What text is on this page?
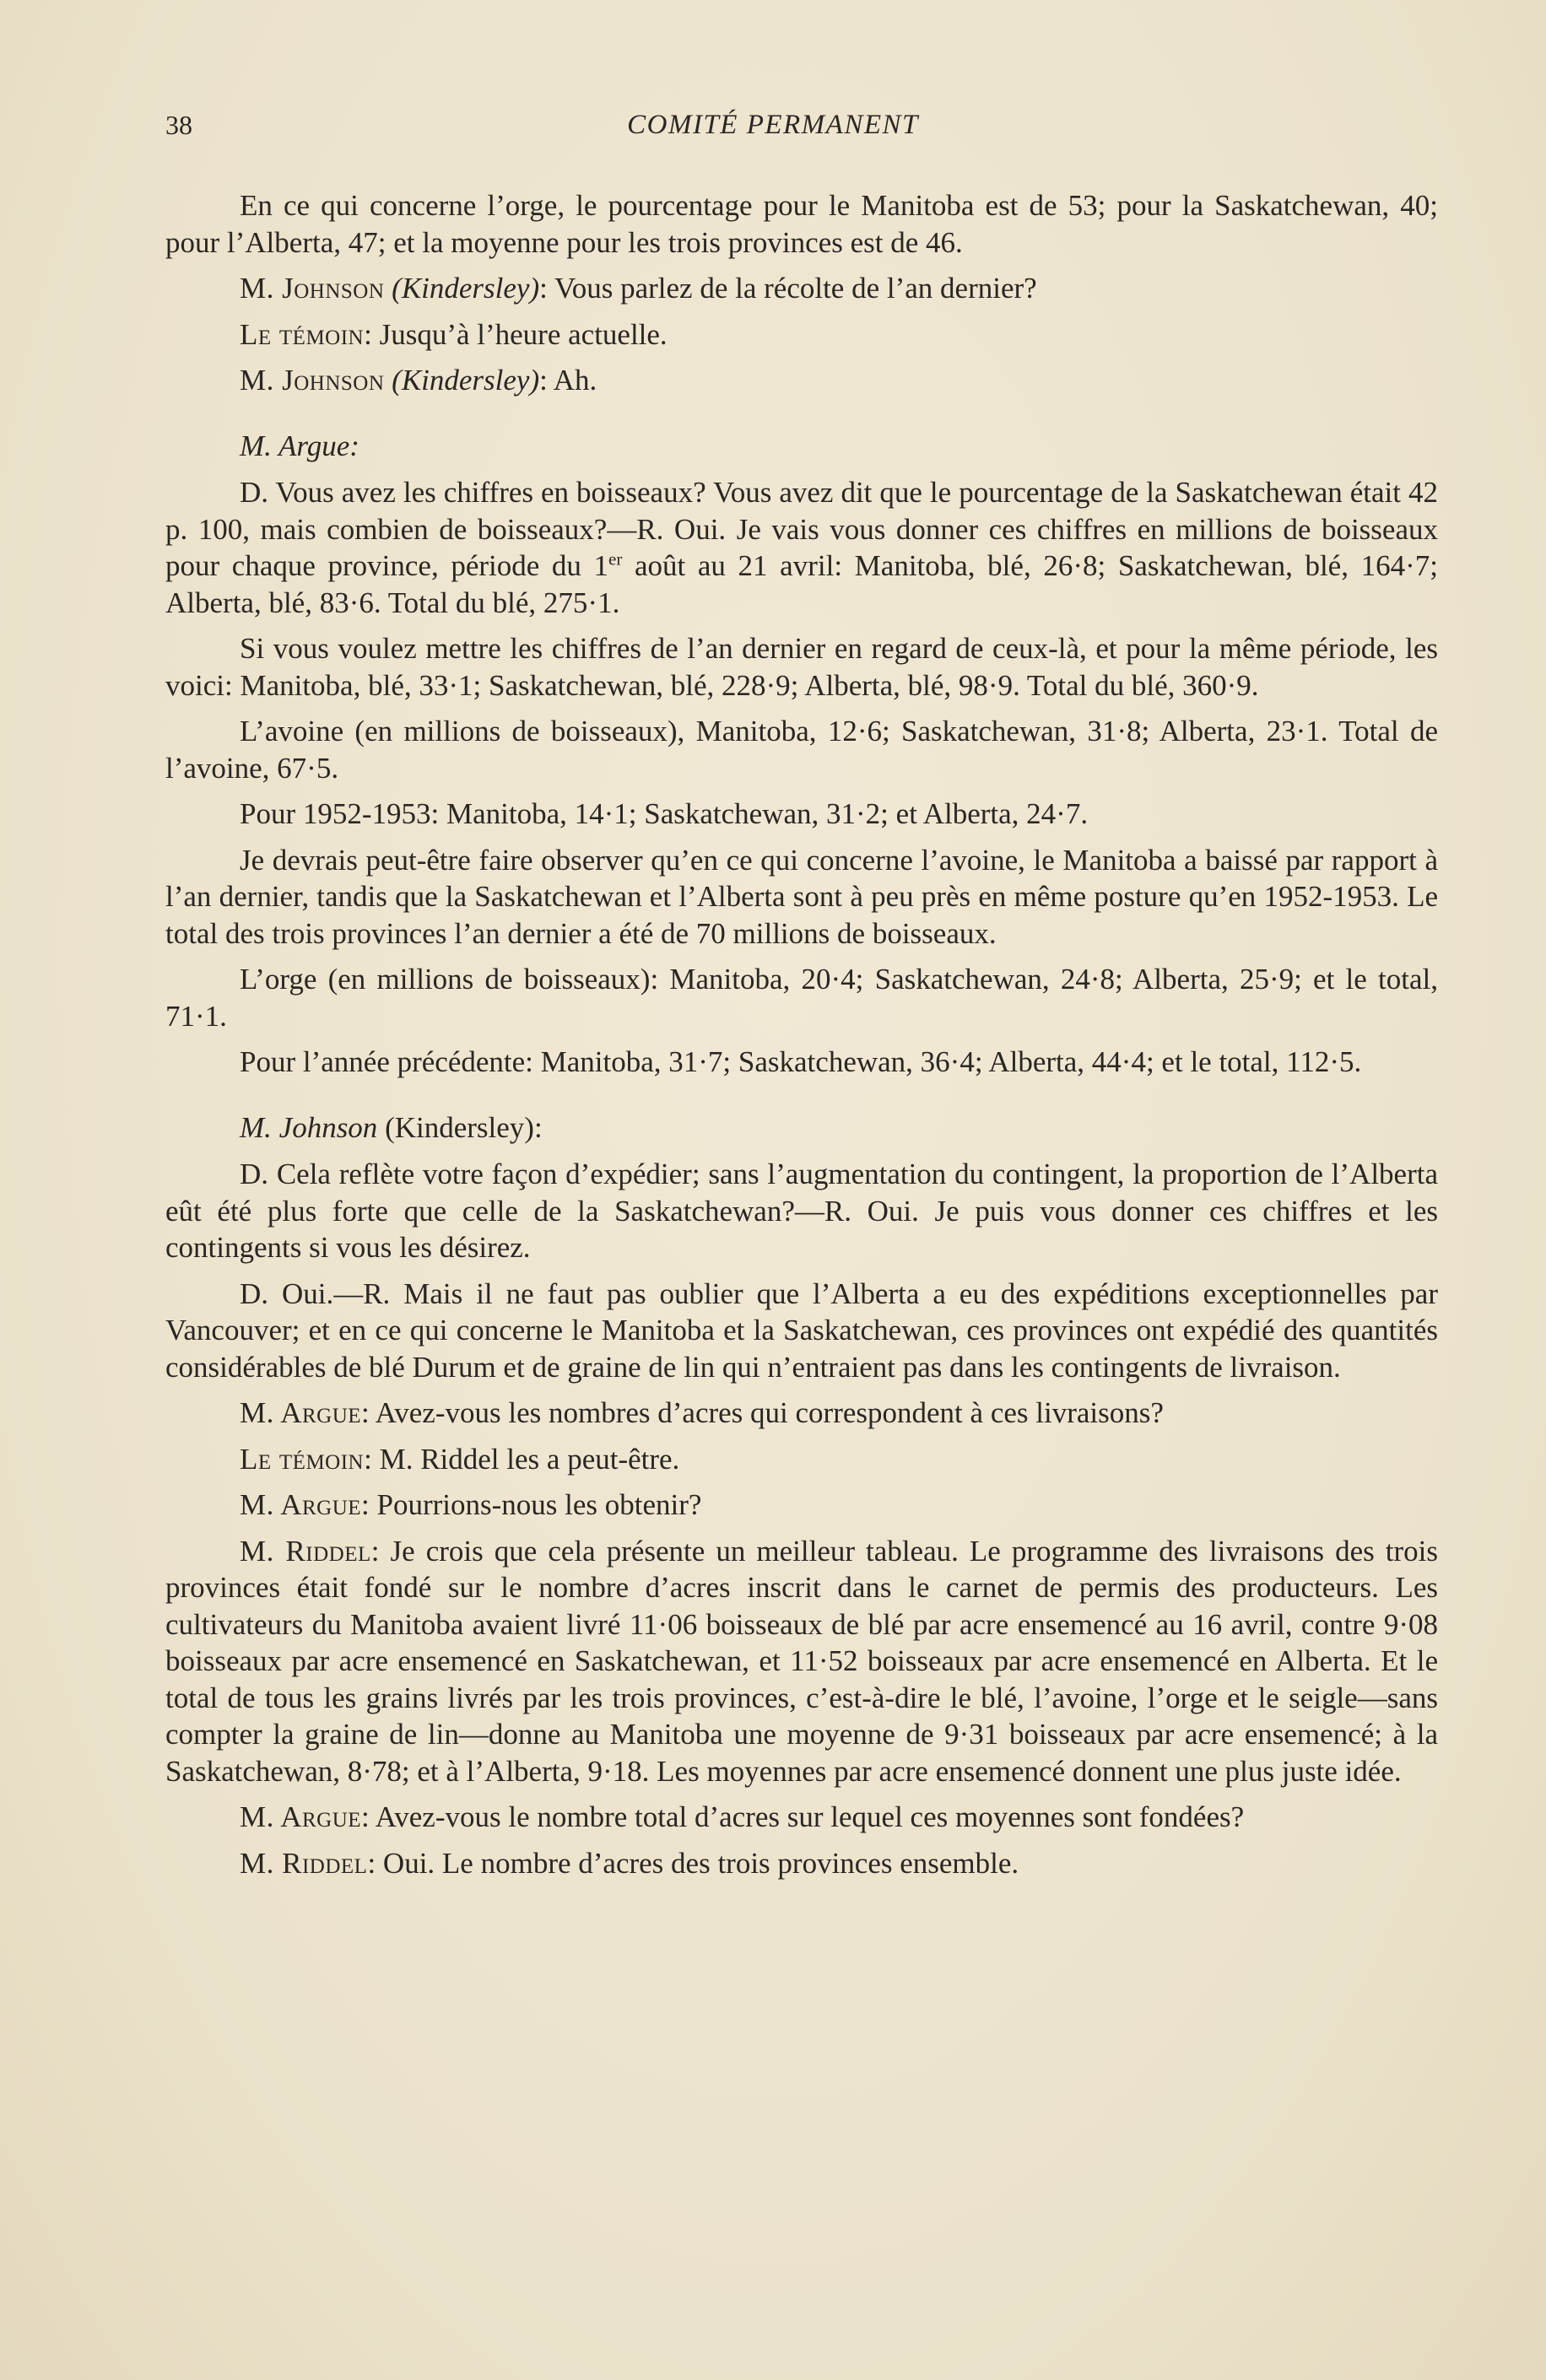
38	COMITÉ PERMANENT

En ce qui concerne l’orge, le pourcentage pour le Manitoba est de 53; pour la Saskatchewan, 40; pour l’Alberta, 47; et la moyenne pour les trois provinces est de 46.

M. Johnson (Kindersley): Vous parlez de la récolte de l’an dernier?

Le témoin: Jusqu’à l’heure actuelle.

M. Johnson (Kindersley): Ah.

M. Argue:

D. Vous avez les chiffres en boisseaux? Vous avez dit que le pourcentage de la Saskatchewan était 42 p. 100, mais combien de boisseaux?—R. Oui. Je vais vous donner ces chiffres en millions de boisseaux pour chaque province, période du 1er août au 21 avril: Manitoba, blé, 26·8; Saskatchewan, blé, 164·7; Alberta, blé, 83·6. Total du blé, 275·1.

Si vous voulez mettre les chiffres de l’an dernier en regard de ceux-là, et pour la même période, les voici: Manitoba, blé, 33·1; Saskatchewan, blé, 228·9; Alberta, blé, 98·9. Total du blé, 360·9.

L’avoine (en millions de boisseaux), Manitoba, 12·6; Saskatchewan, 31·8; Alberta, 23·1. Total de l’avoine, 67·5.

Pour 1952-1953: Manitoba, 14·1; Saskatchewan, 31·2; et Alberta, 24·7.

Je devrais peut-être faire observer qu’en ce qui concerne l’avoine, le Manitoba a baissé par rapport à l’an dernier, tandis que la Saskatchewan et l’Alberta sont à peu près en même posture qu’en 1952-1953. Le total des trois provinces l’an dernier a été de 70 millions de boisseaux.

L’orge (en millions de boisseaux): Manitoba, 20·4; Saskatchewan, 24·8; Alberta, 25·9; et le total, 71·1.

Pour l’année précédente: Manitoba, 31·7; Saskatchewan, 36·4; Alberta, 44·4; et le total, 112·5.

M. Johnson (Kindersley):

D. Cela reflète votre façon d’expédier; sans l’augmentation du contingent, la proportion de l’Alberta eût été plus forte que celle de la Saskatchewan?—R. Oui. Je puis vous donner ces chiffres et les contingents si vous les désirez.

D. Oui.—R. Mais il ne faut pas oublier que l’Alberta a eu des expéditions exceptionnelles par Vancouver; et en ce qui concerne le Manitoba et la Saskatchewan, ces provinces ont expédié des quantités considérables de blé Durum et de graine de lin qui n’entraient pas dans les contingents de livraison.

M. Argue: Avez-vous les nombres d’acres qui correspondent à ces livraisons?

Le témoin: M. Riddel les a peut-être.

M. Argue: Pourrions-nous les obtenir?

M. Riddel: Je crois que cela présente un meilleur tableau. Le programme des livraisons des trois provinces était fondé sur le nombre d’acres inscrit dans le carnet de permis des producteurs. Les cultivateurs du Manitoba avaient livré 11·06 boisseaux de blé par acre ensemencé au 16 avril, contre 9·08 boisseaux par acre ensemencé en Saskatchewan, et 11·52 boisseaux par acre ensemencé en Alberta. Et le total de tous les grains livrés par les trois provinces, c’est-à-dire le blé, l’avoine, l’orge et le seigle—sans compter la graine de lin—donne au Manitoba une moyenne de 9·31 boisseaux par acre ensemencé; à la Saskatchewan, 8·78; et à l’Alberta, 9·18. Les moyennes par acre ensemencé donnent une plus juste idée.

M. Argue: Avez-vous le nombre total d’acres sur lequel ces moyennes sont fondées?

M. Riddel: Oui. Le nombre d’acres des trois provinces ensemble.
